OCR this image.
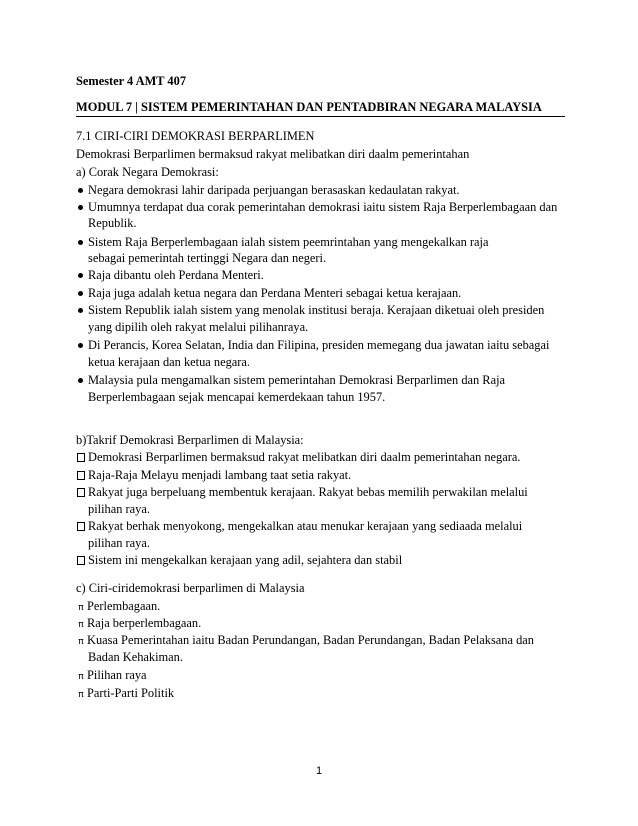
Semester 4 AMT 407
MODUL 7 | SISTEM PEMERINTAHAN DAN PENTADBIRAN NEGARA MALAYSIA
7.1 CIRI-CIRI DEMOKRASI BERPARLIMEN
Demokrasi Berparlimen bermaksud rakyat melibatkan diri daalm pemerintahan
a) Corak Negara Demokrasi:
Negara demokrasi lahir daripada perjuangan berasaskan kedaulatan rakyat.
Umumnya terdapat dua corak pemerintahan demokrasi iaitu sistem Raja Berperlembagaan dan
Republik.
Sistem Raja Berperlembagaan ialah sistem peemrintahan yang mengekalkan raja
sebagai pemerintah tertinggi Negara dan negeri.
Raja dibantu oleh Perdana Menteri.
Raja juga adalah ketua negara dan Perdana Menteri sebagai ketua kerajaan.
Sistem Republik ialah sistem yang menolak institusi beraja. Kerajaan diketuai oleh presiden
yang dipilih oleh rakyat melalui pilihanraya.
Di Perancis, Korea Selatan, India dan Filipina, presiden memegang dua jawatan iaitu sebagai
ketua kerajaan dan ketua negara.
Malaysia pula mengamalkan sistem pemerintahan Demokrasi Berparlimen dan Raja
Berperlembagaan sejak mencapai kemerdekaan tahun 1957.
b)Takrif Demokrasi Berparlimen di Malaysia:
Demokrasi Berparlimen bermaksud rakyat melibatkan diri daalm pemerintahan negara.
Raja-Raja Melayu menjadi lambang taat setia rakyat.
Rakyat juga berpeluang membentuk kerajaan. Rakyat bebas memilih perwakilan melalui
pilihan raya.
Rakyat berhak menyokong, mengekalkan atau menukar kerajaan yang sediaada melalui
pilihan raya.
Sistem ini mengekalkan kerajaan yang adil, sejahtera dan stabil
c) Ciri-ciridemokrasi berparlimen di Malaysia
π Perlembagaan.
π Raja berperlembagaan.
π Kuasa Pemerintahan iaitu Badan Perundangan, Badan Perundangan, Badan Pelaksana dan
Badan Kehakiman.
π Pilihan raya
π Parti-Parti Politik
1
